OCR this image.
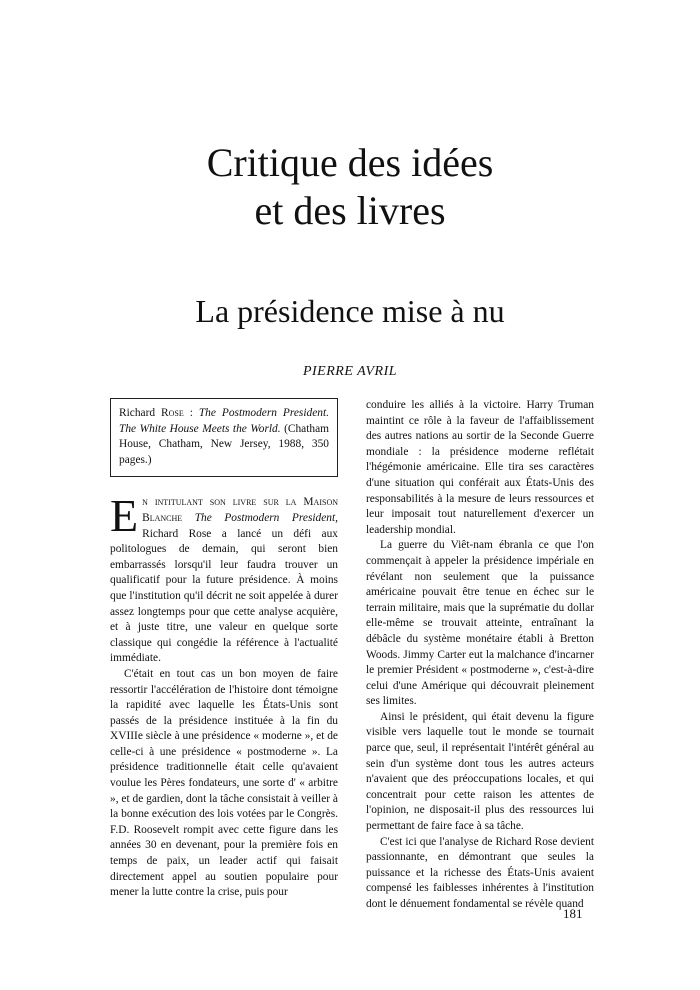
Critique des idées
et des livres
La présidence mise à nu
PIERRE AVRIL
Richard Rose : The Postmodern President. The White House Meets the World. (Chatham House, Chatham, New Jersey, 1988, 350 pages.)

En intitulant son livre sur la Maison Blanche The Postmodern President, Richard Rose a lancé un défi aux politologues de demain, qui seront bien embarrassés lorsqu'il leur faudra trouver un qualificatif pour la future présidence. À moins que l'institution qu'il décrit ne soit appelée à durer assez longtemps pour que cette analyse acquière, et à juste titre, une valeur en quelque sorte classique qui congédie la référence à l'actualité immédiate.

C'était en tout cas un bon moyen de faire ressortir l'accélération de l'histoire dont témoigne la rapidité avec laquelle les États-Unis sont passés de la présidence instituée à la fin du XVIIIe siècle à une présidence « moderne », et de celle-ci à une présidence « postmoderne ». La présidence traditionnelle était celle qu'avaient voulue les Pères fondateurs, une sorte d' « arbitre », et de gardien, dont la tâche consistait à veiller à la bonne exécution des lois votées par le Congrès. F.D. Roosevelt rompit avec cette figure dans les années 30 en devenant, pour la première fois en temps de paix, un leader actif qui faisait directement appel au soutien populaire pour mener la lutte contre la crise, puis pour

conduire les alliés à la victoire. Harry Truman maintint ce rôle à la faveur de l'affaiblissement des autres nations au sortir de la Seconde Guerre mondiale : la présidence moderne reflétait l'hégémonie américaine. Elle tira ses caractères d'une situation qui conférait aux États-Unis des responsabilités à la mesure de leurs ressources et leur imposait tout naturellement d'exercer un leadership mondial.

La guerre du Viêt-nam ébranla ce que l'on commençait à appeler la présidence impériale en révélant non seulement que la puissance américaine pouvait être tenue en échec sur le terrain militaire, mais que la suprématie du dollar elle-même se trouvait atteinte, entraînant la débâcle du système monétaire établi à Bretton Woods. Jimmy Carter eut la malchance d'incarner le premier Président « postmoderne », c'est-à-dire celui d'une Amérique qui découvrait pleinement ses limites.

Ainsi le président, qui était devenu la figure visible vers laquelle tout le monde se tournait parce que, seul, il représentait l'intérêt général au sein d'un système dont tous les autres acteurs n'avaient que des préoccupations locales, et qui concentrait pour cette raison les attentes de l'opinion, ne disposait-il plus des ressources lui permettant de faire face à sa tâche.

C'est ici que l'analyse de Richard Rose devient passionnante, en démontrant que seules la puissance et la richesse des États-Unis avaient compensé les faiblesses inhérentes à l'institution dont le dénuement fondamental se révèle quand

181
